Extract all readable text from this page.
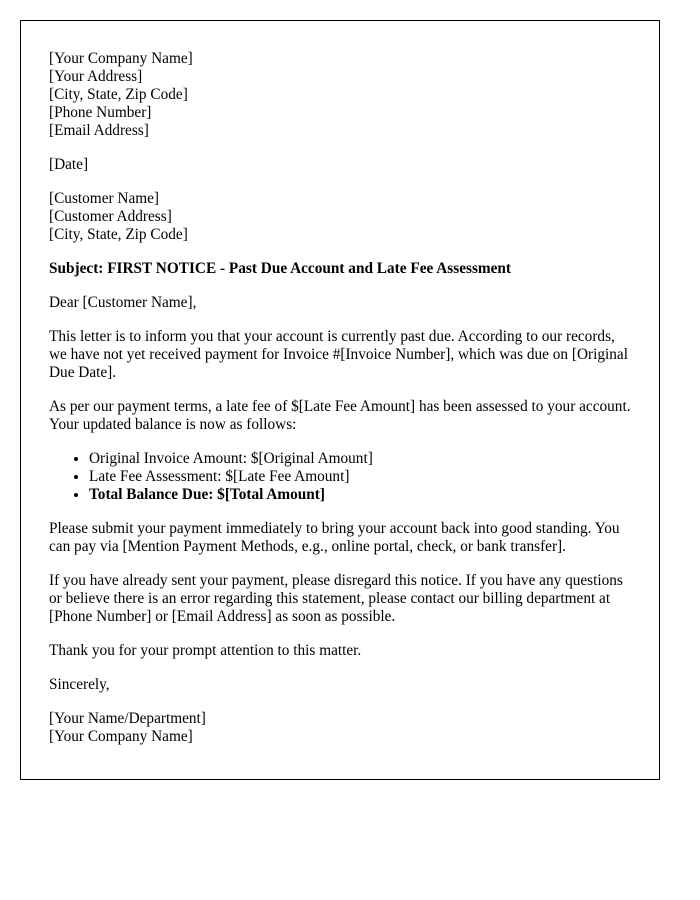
[Your Company Name]
[Your Address]
[City, State, Zip Code]
[Phone Number]
[Email Address]

[Date]

[Customer Name]
[Customer Address]
[City, State, Zip Code]

Subject: FIRST NOTICE - Past Due Account and Late Fee Assessment

Dear [Customer Name],

This letter is to inform you that your account is currently past due. According to our records, we have not yet received payment for Invoice #[Invoice Number], which was due on [Original Due Date].

As per our payment terms, a late fee of $[Late Fee Amount] has been assessed to your account. Your updated balance is now as follows:

• Original Invoice Amount: $[Original Amount]
• Late Fee Assessment: $[Late Fee Amount]
• Total Balance Due: $[Total Amount]

Please submit your payment immediately to bring your account back into good standing. You can pay via [Mention Payment Methods, e.g., online portal, check, or bank transfer].

If you have already sent your payment, please disregard this notice. If you have any questions or believe there is an error regarding this statement, please contact our billing department at [Phone Number] or [Email Address] as soon as possible.

Thank you for your prompt attention to this matter.

Sincerely,

[Your Name/Department]
[Your Company Name]
